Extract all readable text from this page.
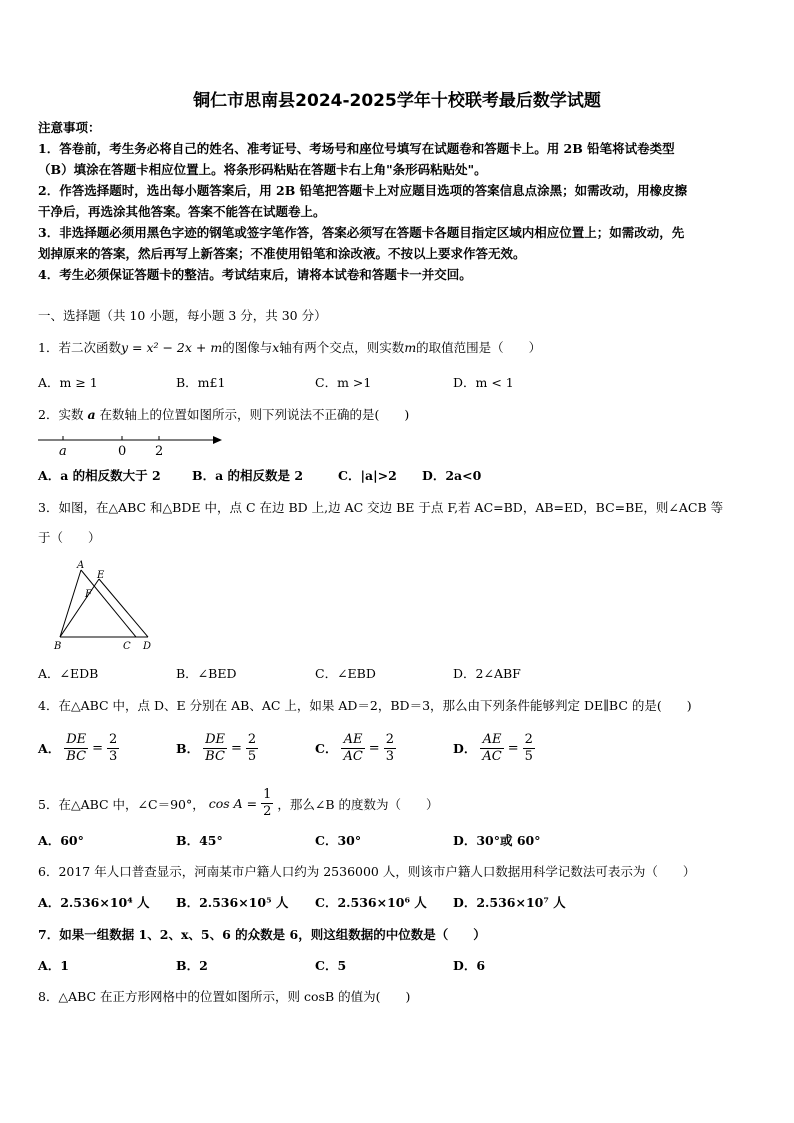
铜仁市思南县2024-2025学年十校联考最后数学试题
注意事项：
1．答卷前，考生务必将自己的姓名、准考证号、考场号和座位号填写在试题卷和答题卡上。用 2B 铅笔将试卷类型
（B）填涂在答题卡相应位置上。将条形码粘贴在答题卡右上角"条形码粘贴处"。
2．作答选择题时，选出每小题答案后，用 2B 铅笔把答题卡上对应题目选项的答案信息点涂黑；如需改动，用橡皮擦
干净后，再选涂其他答案。答案不能答在试题卷上。
3．非选择题必须用黑色字迹的钢笔或签字笔作答，答案必须写在答题卡各题目指定区域内相应位置上；如需改动，先
划掉原来的答案，然后再写上新答案；不准使用铅笔和涂改液。不按以上要求作答无效。
4．考生必须保证答题卡的整洁。考试结束后，请将本试卷和答题卡一并交回。
一、选择题（共 10 小题，每小题 3 分，共 30 分）
1．若二次函数y = x² − 2x + m的图像与x轴有两个交点，则实数m的取值范围是（　　）
A．m ≥ 1	B．m£1	C．m >1	D．m < 1
2．实数 a 在数轴上的位置如图所示，则下列说法不正确的是(　　)
a	0 2
A．a 的相反数大于 2	B．a 的相反数是 2	C．|a|>2 D．2a<0
3．如图，在△ABC 和△BDE 中，点 C 在边 BD 上,边 AC 交边 BE 于点 F,若 AC=BD，AB=ED，BC=BE，则∠ACB 等
于（　　）
A
E
F
B	C D
A．∠EDB	B．∠BED	C．∠EBD	D．2∠ABF
4．在△ABC 中，点 D、E 分别在 AB、AC 上，如果 AD＝2，BD＝3，那么由下列条件能够判定 DE∥BC 的是(　　)
A． $\frac{DE}{BC} = \frac{2}{3}$	B． $\frac{DE}{BC} = \frac{2}{5}$	C． $\frac{AE}{AC} = \frac{2}{3}$	D． $\frac{AE}{AC} = \frac{2}{5}$
5．在△ABC 中，∠C＝90°， $\cos A = \frac{1}{2}$ ，那么∠B 的度数为（　　）
A．60°	B．45°	C．30°	D．30°或 60°
6．2017 年人口普查显示，河南某市户籍人口约为 2536000 人，则该市户籍人口数据用科学记数法可表示为（　　）
A．2.536×10⁴ 人 B．2.536×10⁵ 人 C．2.536×10⁶ 人 D．2.536×10⁷ 人
7．如果一组数据 1、2、x、5、6 的众数是 6，则这组数据的中位数是（　　）
A．1	B．2	C．5	D．6
8．△ABC 在正方形网格中的位置如图所示，则 cosB 的值为(　　)
